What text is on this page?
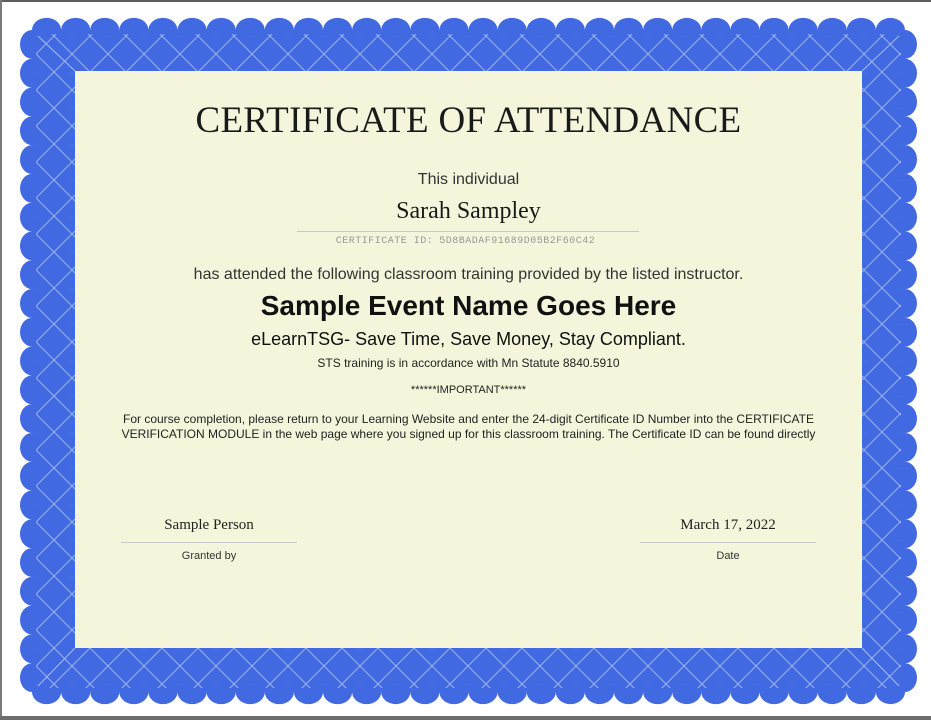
CERTIFICATE OF ATTENDANCE
This individual
Sarah Sampley
CERTIFICATE ID: 5D8BADAF91689D05B2F60C42
has attended the following classroom training provided by the listed instructor.
Sample Event Name Goes Here
eLearnTSG- Save Time, Save Money, Stay Compliant.
STS training is in accordance with Mn Statute 8840.5910
******IMPORTANT******
For course completion, please return to your Learning Website and enter the 24-digit Certificate ID Number into the CERTIFICATE VERIFICATION MODULE in the web page where you signed up for this classroom training. The Certificate ID can be found directly
Sample Person
Granted by
March 17, 2022
Date
